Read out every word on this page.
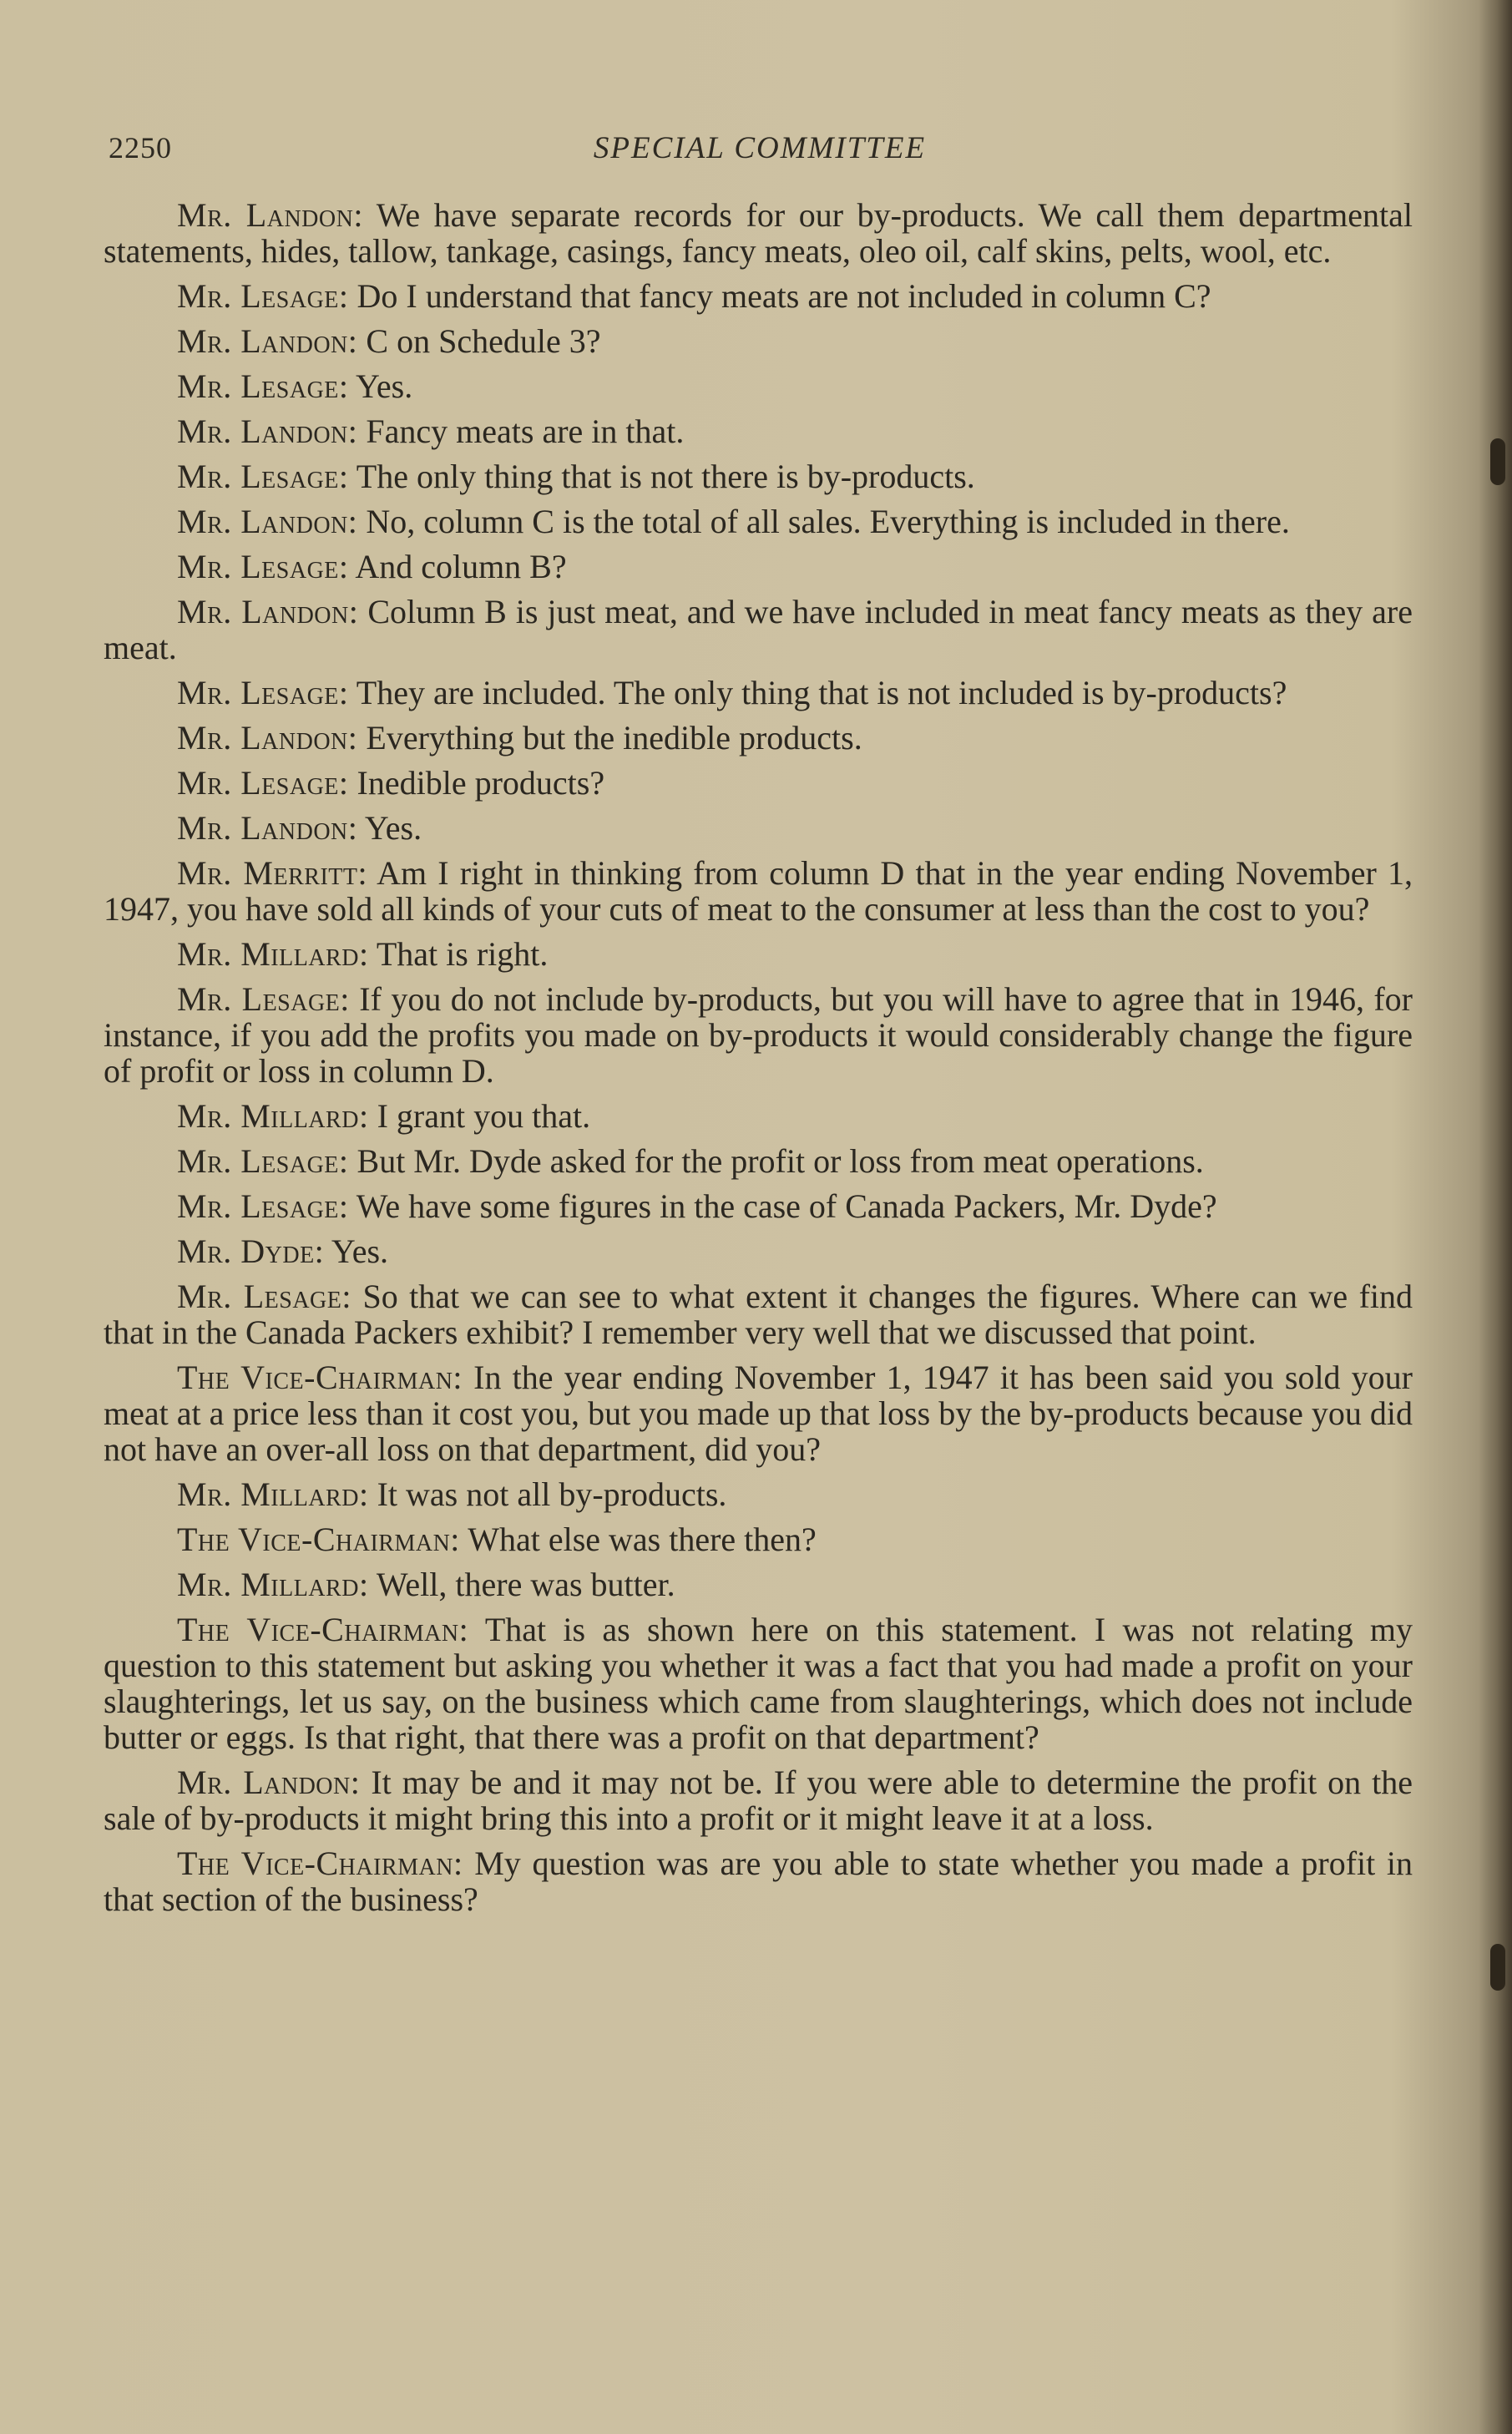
2250	SPECIAL COMMITTEE

Mr. Landon: We have separate records for our by-products. We call them departmental statements, hides, tallow, tankage, casings, fancy meats, oleo oil, calf skins, pelts, wool, etc.

Mr. Lesage: Do I understand that fancy meats are not included in column C?

Mr. Landon: C on Schedule 3?

Mr. Lesage: Yes.

Mr. Landon: Fancy meats are in that.

Mr. Lesage: The only thing that is not there is by-products.

Mr. Landon: No, column C is the total of all sales. Everything is included in there.

Mr. Lesage: And column B?

Mr. Landon: Column B is just meat, and we have included in meat fancy meats as they are meat.

Mr. Lesage: They are included. The only thing that is not included is by-products?

Mr. Landon: Everything but the inedible products.

Mr. Lesage: Inedible products?

Mr. Landon: Yes.

Mr. Merritt: Am I right in thinking from column D that in the year ending November 1, 1947, you have sold all kinds of your cuts of meat to the consumer at less than the cost to you?

Mr. Millard: That is right.

Mr. Lesage: If you do not include by-products, but you will have to agree that in 1946, for instance, if you add the profits you made on by-products it would considerably change the figure of profit or loss in column D.

Mr. Millard: I grant you that.

Mr. Lesage: But Mr. Dyde asked for the profit or loss from meat operations.

Mr. Lesage: We have some figures in the case of Canada Packers, Mr. Dyde?

Mr. Dyde: Yes.

Mr. Lesage: So that we can see to what extent it changes the figures. Where can we find that in the Canada Packers exhibit? I remember very well that we discussed that point.

The Vice-Chairman: In the year ending November 1, 1947 it has been said you sold your meat at a price less than it cost you, but you made up that loss by the by-products because you did not have an over-all loss on that department, did you?

Mr. Millard: It was not all by-products.

The Vice-Chairman: What else was there then?

Mr. Millard: Well, there was butter.

The Vice-Chairman: That is as shown here on this statement. I was not relating my question to this statement but asking you whether it was a fact that you had made a profit on your slaughterings, let us say, on the business which came from slaughterings, which does not include butter or eggs. Is that right, that there was a profit on that department?

Mr. Landon: It may be and it may not be. If you were able to determine the profit on the sale of by-products it might bring this into a profit or it might leave it at a loss.

The Vice-Chairman: My question was are you able to state whether you made a profit in that section of the business?
